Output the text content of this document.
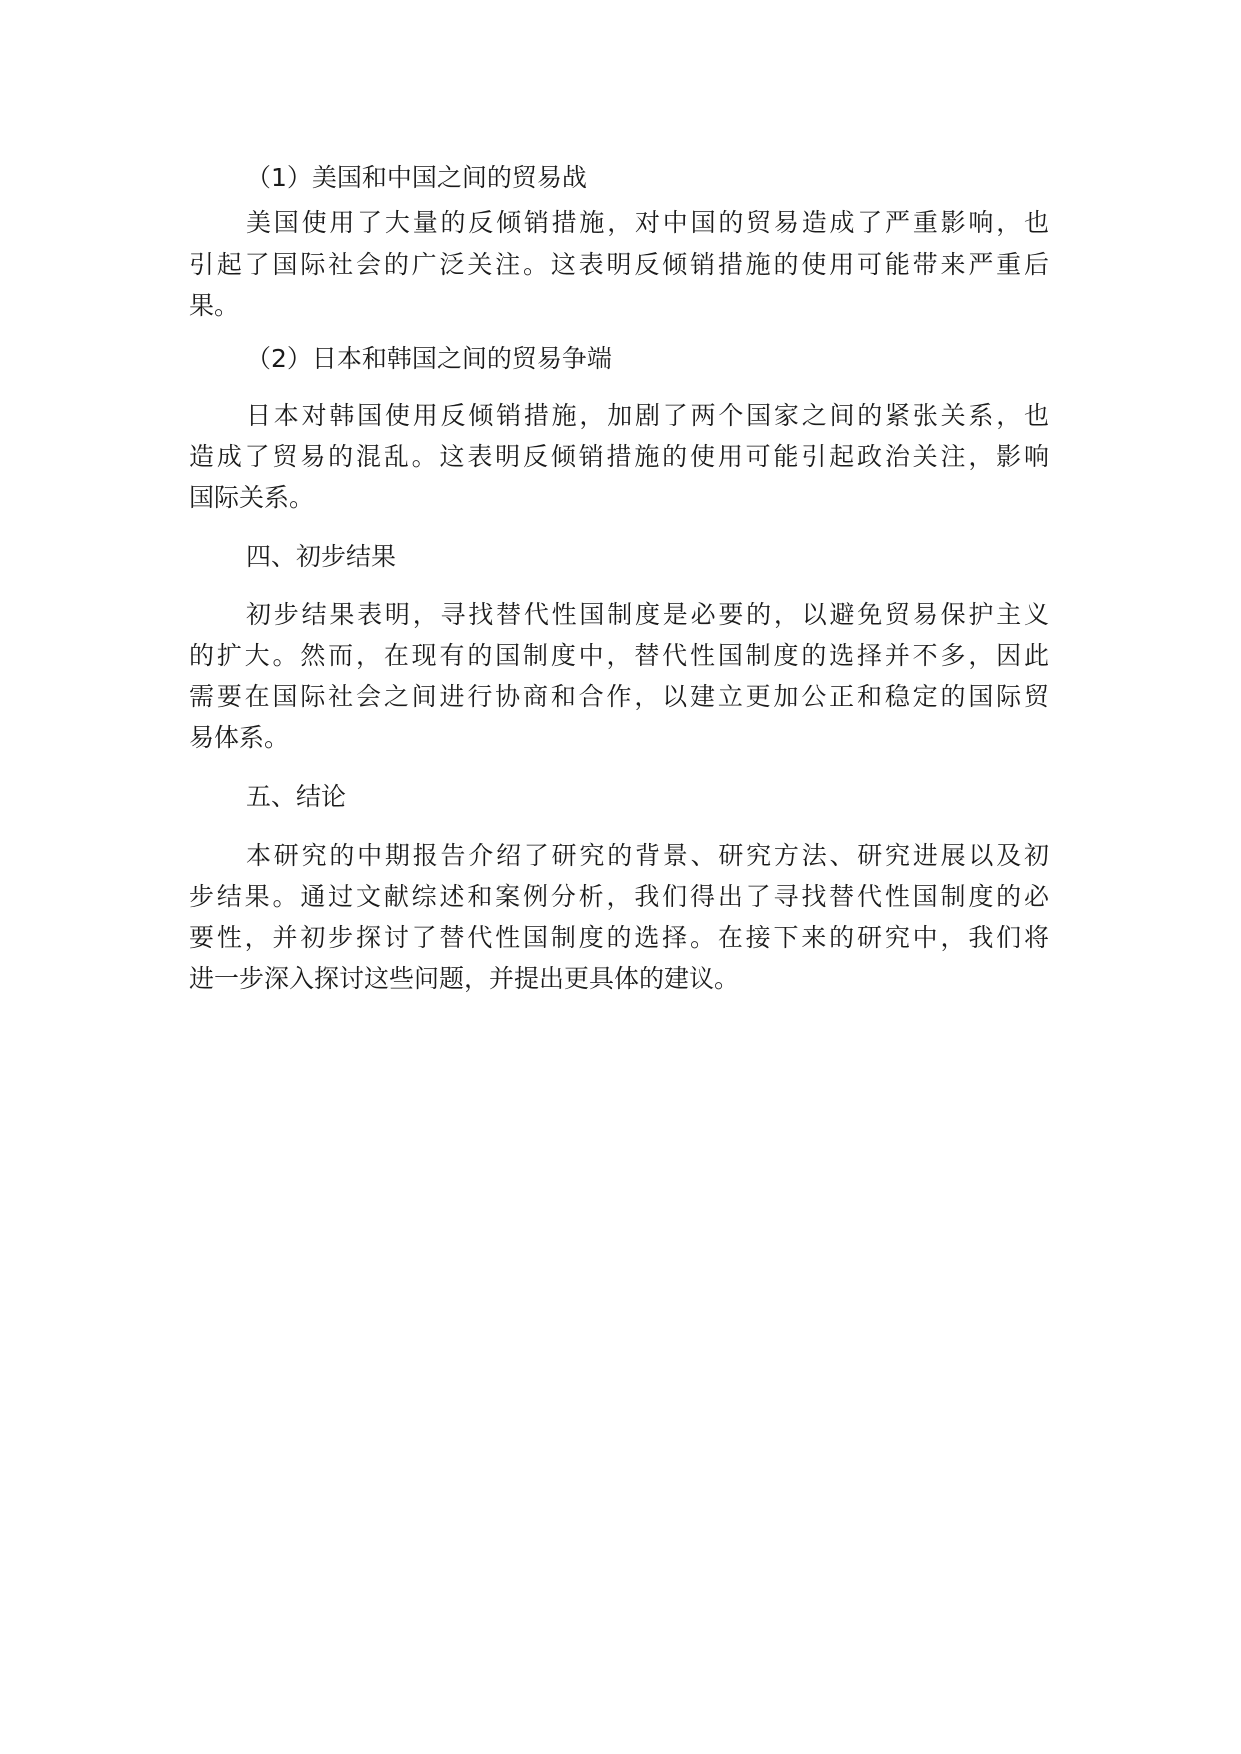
（1）美国和中国之间的贸易战
美国使用了大量的反倾销措施，对中国的贸易造成了严重影响，也
引起了国际社会的广泛关注。这表明反倾销措施的使用可能带来严重后
果。
（2）日本和韩国之间的贸易争端
日本对韩国使用反倾销措施，加剧了两个国家之间的紧张关系，也
造成了贸易的混乱。这表明反倾销措施的使用可能引起政治关注，影响
国际关系。
四、初步结果
初步结果表明，寻找替代性国制度是必要的，以避免贸易保护主义
的扩大。然而，在现有的国制度中，替代性国制度的选择并不多，因此
需要在国际社会之间进行协商和合作，以建立更加公正和稳定的国际贸
易体系。
五、结论
本研究的中期报告介绍了研究的背景、研究方法、研究进展以及初
步结果。通过文献综述和案例分析，我们得出了寻找替代性国制度的必
要性，并初步探讨了替代性国制度的选择。在接下来的研究中，我们将
进一步深入探讨这些问题，并提出更具体的建议。
